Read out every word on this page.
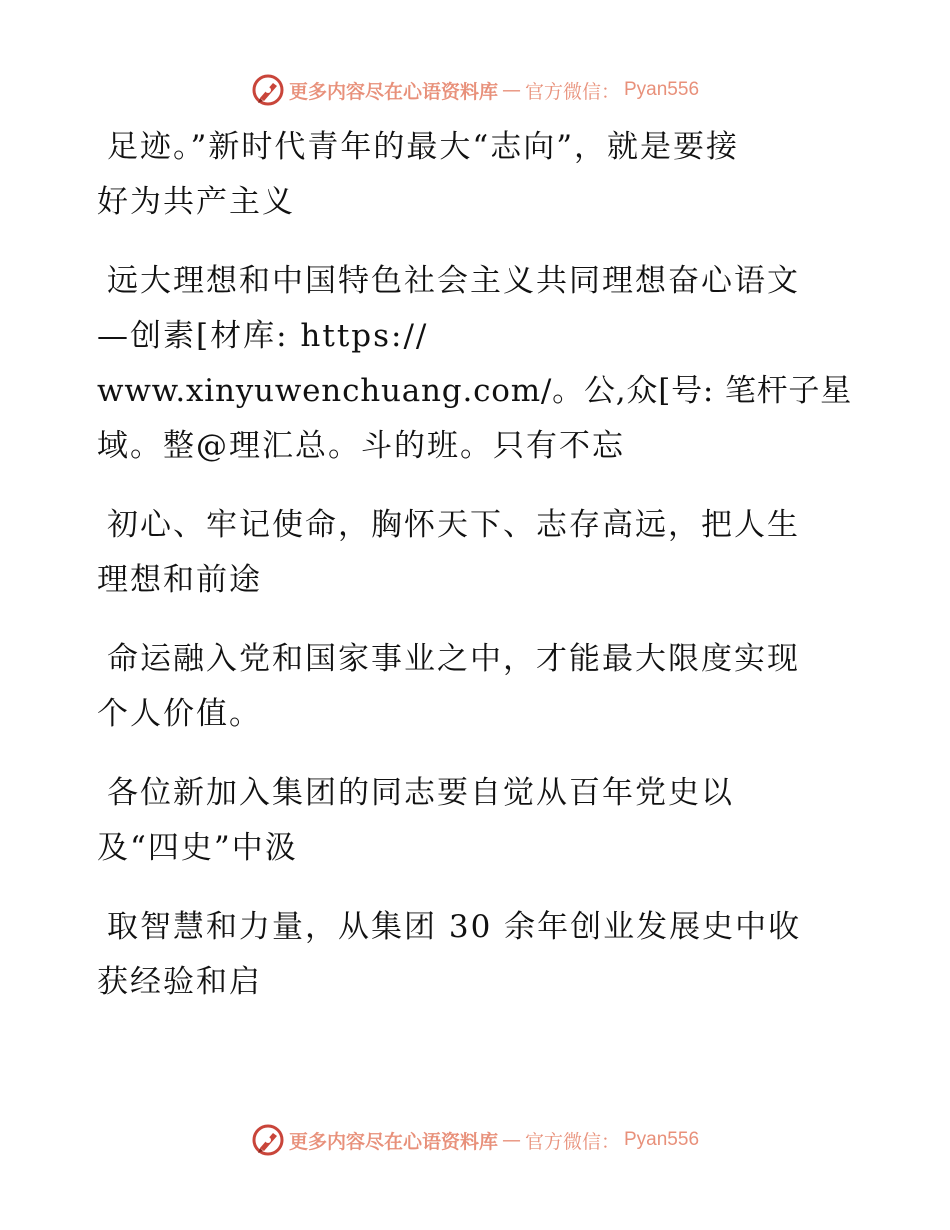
更多内容尽在心语资料库 — 官方微信： Pyan556
足迹。”新时代青年的最大“志向”，就是要接
好为共产主义
远大理想和中国特色社会主义共同理想奋心语文
—创素[材库: https://
www.xinyuwenchuang.com/。公,众[号: 笔杆子星
域。整@理汇总。斗的班。只有不忘
初心、牢记使命，胸怀天下、志存高远，把人生
理想和前途
命运融入党和国家事业之中，才能最大限度实现
个人价值。
各位新加入集团的同志要自觉从百年党史以
及“四史”中汲
取智慧和力量，从集团 30 余年创业发展史中收
获经验和启
更多内容尽在心语资料库 — 官方微信： Pyan556
